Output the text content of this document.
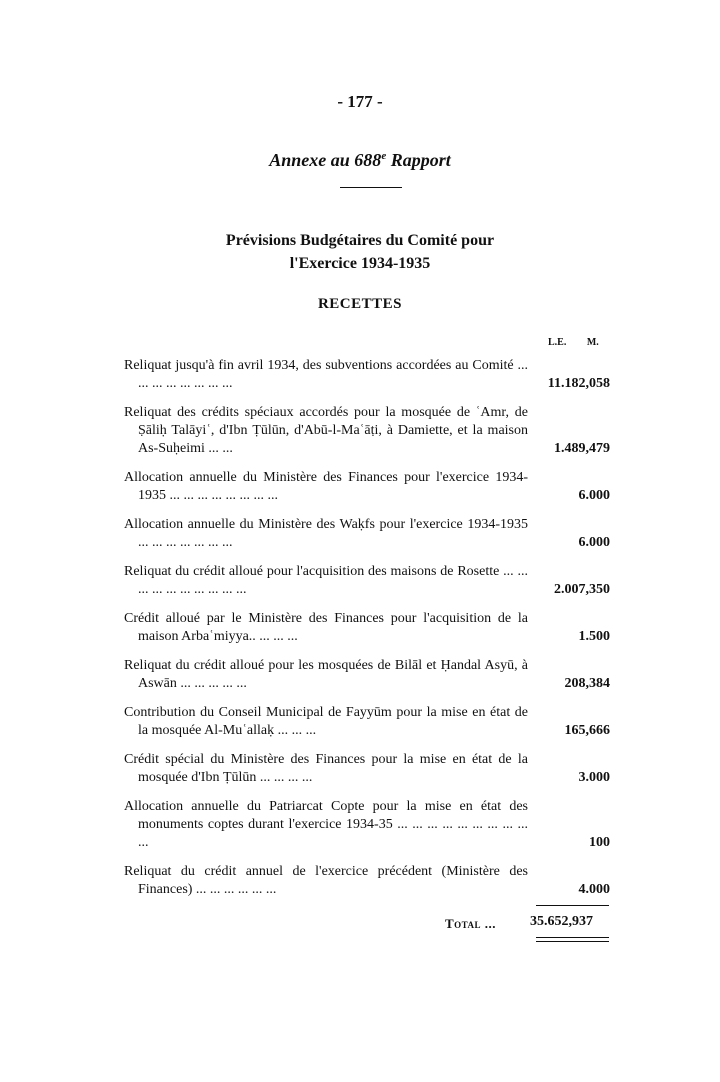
- 177 -
Annexe au 688e Rapport
Prévisions Budgétaires du Comité pour
l'Exercice 1934-1935
RECETTES
L.E. M.
Reliquat jusqu'à fin avril 1934, des subventions accordées au Comité ... ... ... ... ... ... ... ...	11.182,058
Reliquat des crédits spéciaux accordés pour la mosquée de ʿAmr, de Ṣāliḥ Talāyiʿ, d'Ibn Ṭūlūn, d'Abū-l-Maʿāṭi, à Damiette, et la maison As-Suḥeimi ... ...	1.489,479
Allocation annuelle du Ministère des Finances pour l'exercice 1934-1935 ... ... ... ... ... ... ... ...	6.000
Allocation annuelle du Ministère des Waḳfs pour l'exercice 1934-1935 ... ... ... ... ... ... ...	6.000
Reliquat du crédit alloué pour l'acquisition des maisons de Rosette ... ... ... ... ... ... ... ... ... ...	2.007,350
Crédit alloué par le Ministère des Finances pour l'acquisition de la maison Arbaʿmiyya.. ... ... ...	1.500
Reliquat du crédit alloué pour les mosquées de Bilāl et Ḥandal Asyū, à Aswān ... ... ... ... ...	208,384
Contribution du Conseil Municipal de Fayyūm pour la mise en état de la mosquée Al-Muʿallaḳ ... ... ...	165,666
Crédit spécial du Ministère des Finances pour la mise en état de la mosquée d'Ibn Ṭūlūn ... ... ... ...	3.000
Allocation annuelle du Patriarcat Copte pour la mise en état des monuments coptes durant l'exercice 1934-35 ... ... ... ... ... ... ... ... ... ...	100
Reliquat du crédit annuel de l'exercice précédent (Ministère des Finances) ... ... ... ... ... ...	4.000
Total ... 35.652,937
